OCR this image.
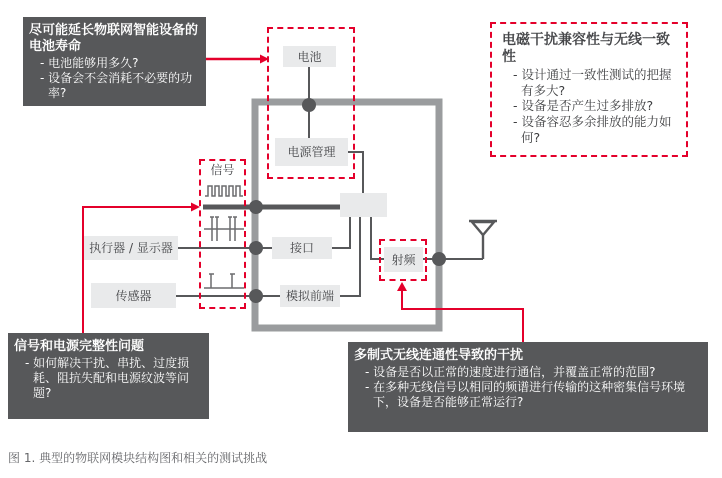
电池
电源管理
接口
模拟前端
射频
执行器 / 显示器
传感器
信号
尽可能延长物联网智能设备的电池寿命
- 电池能够用多久?
- 设备会不会消耗不必要的功率?
电磁干扰兼容性与无线一致性
- 设计通过一致性测试的把握有多大?
- 设备是否产生过多排放?
- 设备容忍多余排放的能力如何?
信号和电源完整性问题
- 如何解决干扰、串扰、过度损耗、阻抗失配和电源纹波等问题?
多制式无线连通性导致的干扰
- 设备是否以正常的速度进行通信，并覆盖正常的范围?
- 在多种无线信号以相同的频谱进行传输的这种密集信号环境下，设备是否能够正常运行?
图 1. 典型的物联网模块结构图和相关的测试挑战
